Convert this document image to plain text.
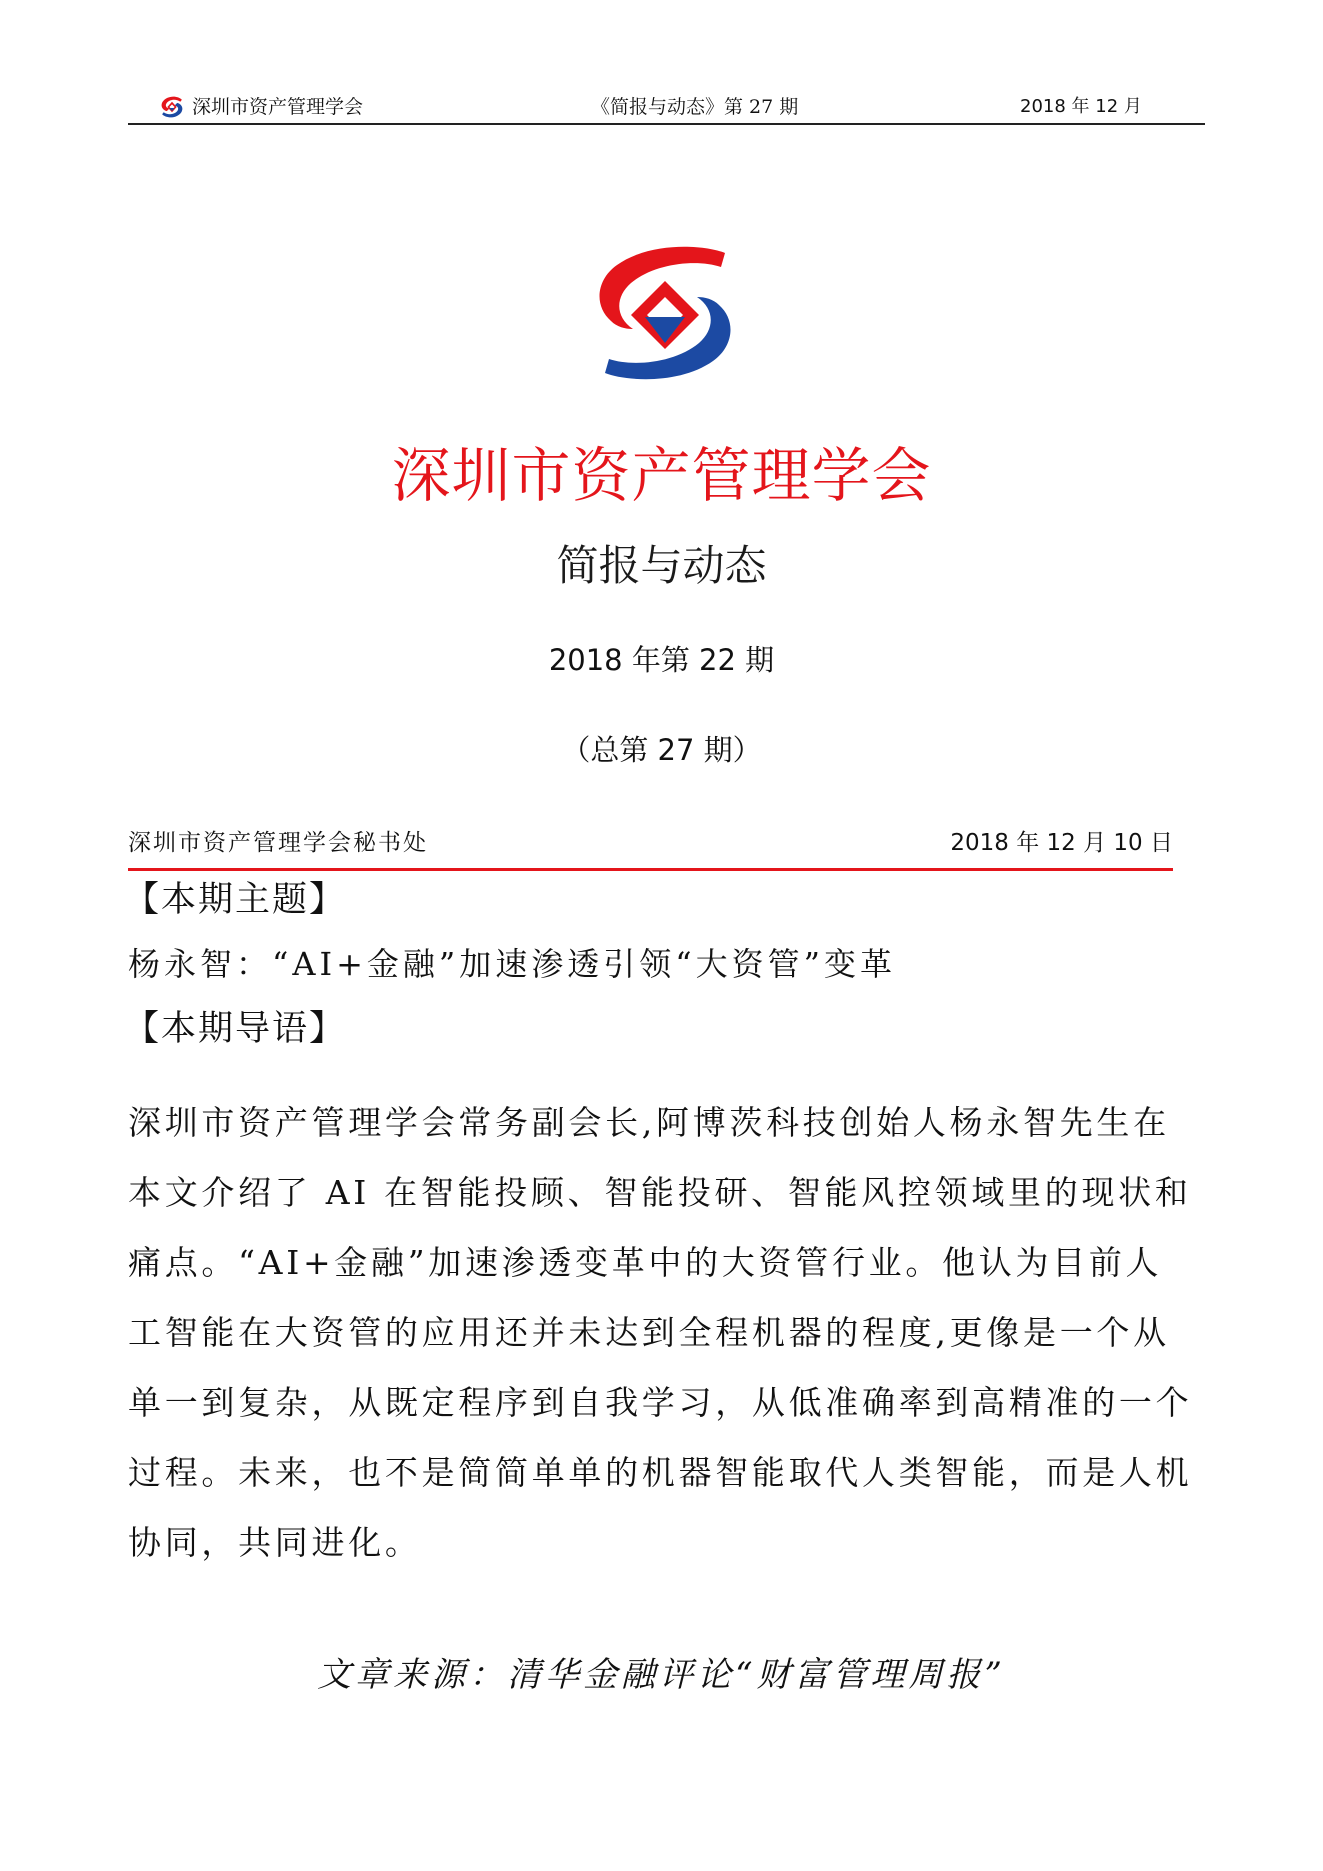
深圳市资产管理学会	《简报与动态》第 27 期	2018 年 12 月
深圳市资产管理学会
简报与动态
2018 年第 22 期
（总第 27 期）
深圳市资产管理学会秘书处	2018 年 12 月 10 日
【本期主题】
杨永智：“AI+金融”加速渗透引领“大资管”变革
【本期导语】

深圳市资产管理学会常务副会长,阿博茨科技创始人杨永智先生在

本文介绍了 AI 在智能投顾、智能投研、智能风控领域里的现状和

痛点。“AI+金融”加速渗透变革中的大资管行业。他认为目前人

工智能在大资管的应用还并未达到全程机器的程度,更像是一个从

单一到复杂，从既定程序到自我学习，从低准确率到高精准的一个

过程。未来，也不是简简单单的机器智能取代人类智能，而是人机

协同，共同进化。

文章来源：清华金融评论“财富管理周报”
